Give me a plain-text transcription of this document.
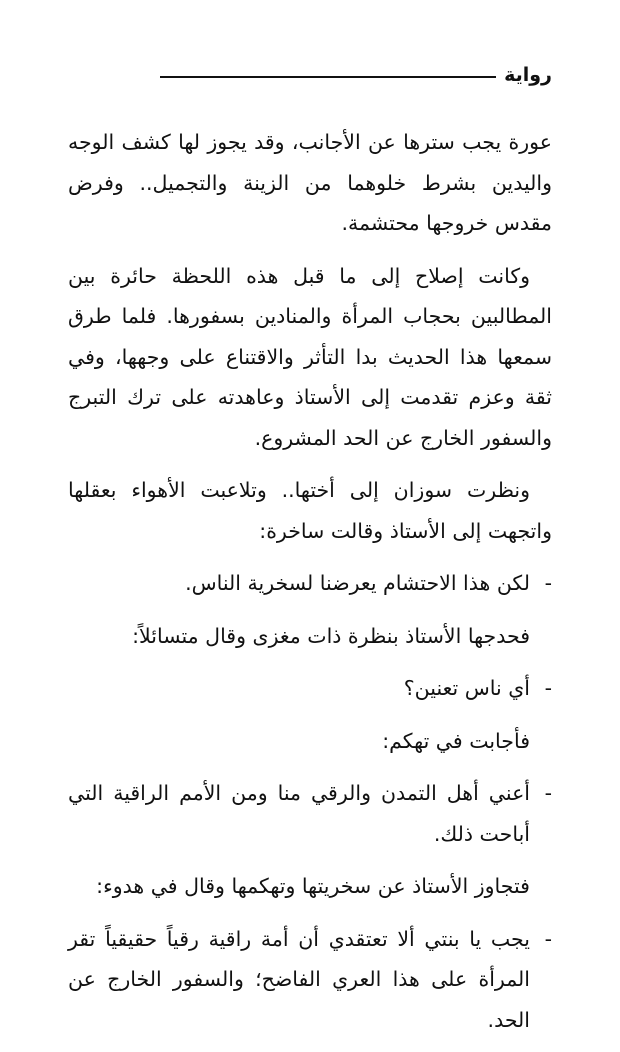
رواية

عورة يجب سترها عن الأجانب، وقد يجوز لها كشف الوجه واليدين بشرط خلوهما من الزينة والتجميل.. وفرض مقدس خروجها محتشمة.

وكانت إصلاح إلى ما قبل هذه اللحظة حائرة بين المطالبين بحجاب المرأة والمنادين بسفورها. فلما طرق سمعها هذا الحديث بدا التأثر والاقتناع على وجهها، وفي ثقة وعزم تقدمت إلى الأستاذ وعاهدته على ترك التبرج والسفور الخارج عن الحد المشروع.

ونظرت سوزان إلى أختها.. وتلاعبت الأهواء بعقلها واتجهت إلى الأستاذ وقالت ساخرة:

-
لكن هذا الاحتشام يعرضنا لسخرية الناس.

فحدجها الأستاذ بنظرة ذات مغزى وقال متسائلاً:

-
أي ناس تعنين؟

فأجابت في تهكم:

-
أعني أهل التمدن والرقي منا ومن الأمم الراقية التي أباحت ذلك.

فتجاوز الأستاذ عن سخريتها وتهكمها وقال في هدوء:

-
يجب يا بنتي ألا تعتقدي أن أمة راقية رقياً حقيقياً تقر المرأة على هذا العري الفاضح؛ والسفور الخارج عن الحد.
